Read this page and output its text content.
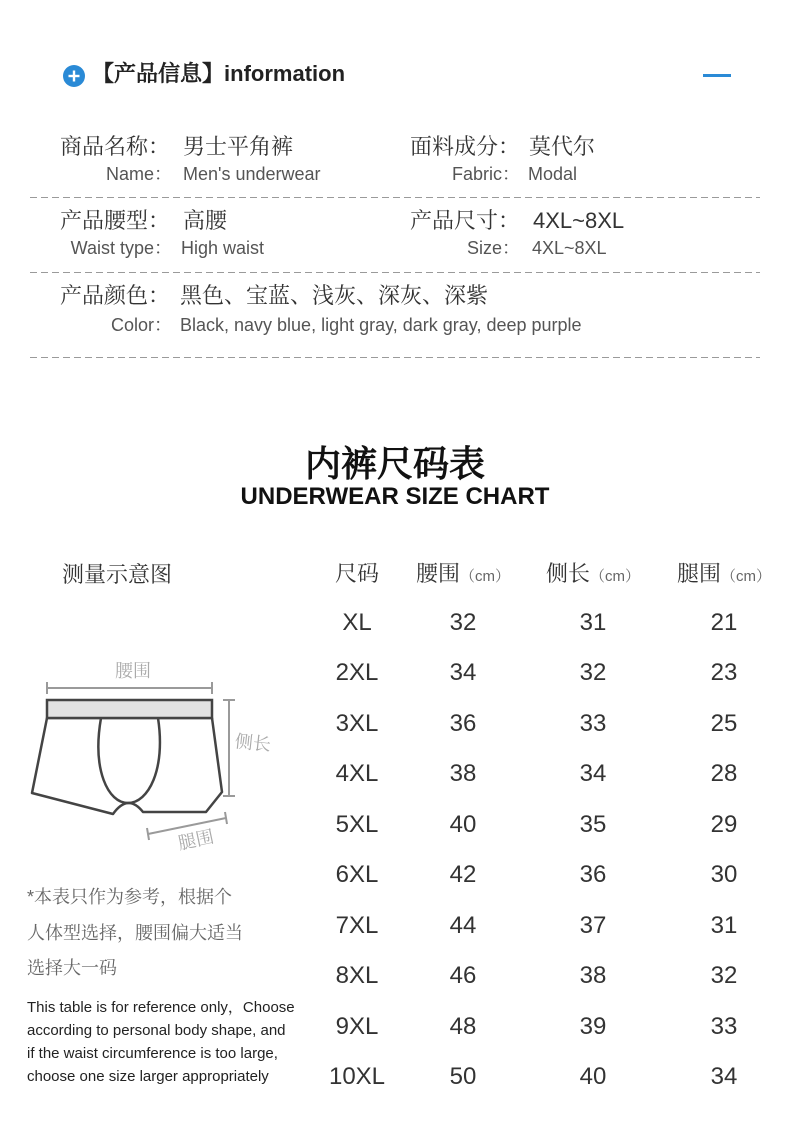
【产品信息】information
商品名称： 男士平角裤	面料成分： 莫代尔
Name： Men's underwear	Fabric： Modal
产品腰型： 高腰	产品尺寸： 4XL~8XL
Waist type： High waist	Size： 4XL~8XL
产品颜色： 黑色、宝蓝、浅灰、深灰、深紫
Color： Black, navy blue, light gray, dark gray, deep purple
内裤尺码表
UNDERWEAR SIZE CHART
测量示意图
腰围
侧长
腿围
*本表只作为参考，根据个
人体型选择，腰围偏大适当
选择大一码
This table is for reference only，Choose
according to personal body shape, and
if the waist circumference is too large,
choose one size larger appropriately
尺码	腰围（cm）	侧长（cm）	腿围（cm）
XL	32	31	21
2XL	34	32	23
3XL	36	33	25
4XL	38	34	28
5XL	40	35	29
6XL	42	36	30
7XL	44	37	31
8XL	46	38	32
9XL	48	39	33
10XL	50	40	34
